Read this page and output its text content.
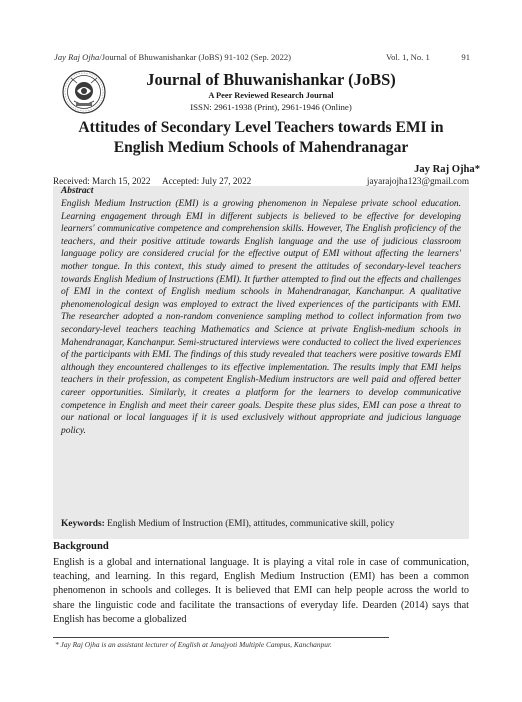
Jay Raj Ojha/Journal of Bhuwanishankar (JoBS) 91-102 (Sep. 2022)	Vol. 1, No. 1	91
Journal of Bhuwanishankar (JoBS)
A Peer Reviewed Research Journal
ISSN: 2961-1938 (Print), 2961-1946 (Online)
Attitudes of Secondary Level Teachers towards EMI in
English Medium Schools of Mahendranagar
Jay Raj Ojha*
Received: March 15, 2022 Accepted: July 27, 2022	jayarajojha123@gmail.com
Abstract
English Medium Instruction (EMI) is a growing phenomenon in Nepalese private school education. Learning engagement through EMI in different subjects is believed to be effective for developing learners' communicative competence and comprehension skills. However, The English proficiency of the teachers, and their positive attitude towards English language and the use of judicious classroom language policy are considered crucial for the effective output of EMI without affecting the learners' mother tongue. In this context, this study aimed to present the attitudes of secondary-level teachers towards English Medium of Instructions (EMI). It further attempted to find out the effects and challenges of EMI in the context of English medium schools in Mahendranagar, Kanchanpur. A qualitative phenomenological design was employed to extract the lived experiences of the participants with EMI. The researcher adopted a non-random convenience sampling method to collect information from two secondary-level teachers teaching Mathematics and Science at private English-medium schools in Mahendranagar, Kanchanpur. Semi-structured interviews were conducted to collect the lived experiences of the participants with EMI. The findings of this study revealed that teachers were positive towards EMI although they encountered challenges to its effective implementation. The results imply that EMI helps teachers in their profession, as competent English-Medium instructors are well paid and offered better career opportunities. Similarly, it creates a platform for the learners to develop communicative competence in English and meet their career goals. Despite these plus sides, EMI can pose a threat to our national or local languages if it is used exclusively without appropriate and judicious language policy.
Keywords: English Medium of Instruction (EMI), attitudes, communicative skill, policy
Background
English is a global and international language. It is playing a vital role in case of communication, teaching, and learning. In this regard, English Medium Instruction (EMI) has been a common phenomenon in schools and colleges. It is believed that EMI can help people across the world to share the linguistic code and facilitate the transactions of everyday life. Dearden (2014) says that English has become a globalized
* Jay Raj Ojha is an assistant lecturer of English at Janajyoti Multiple Campus, Kanchanpur.
